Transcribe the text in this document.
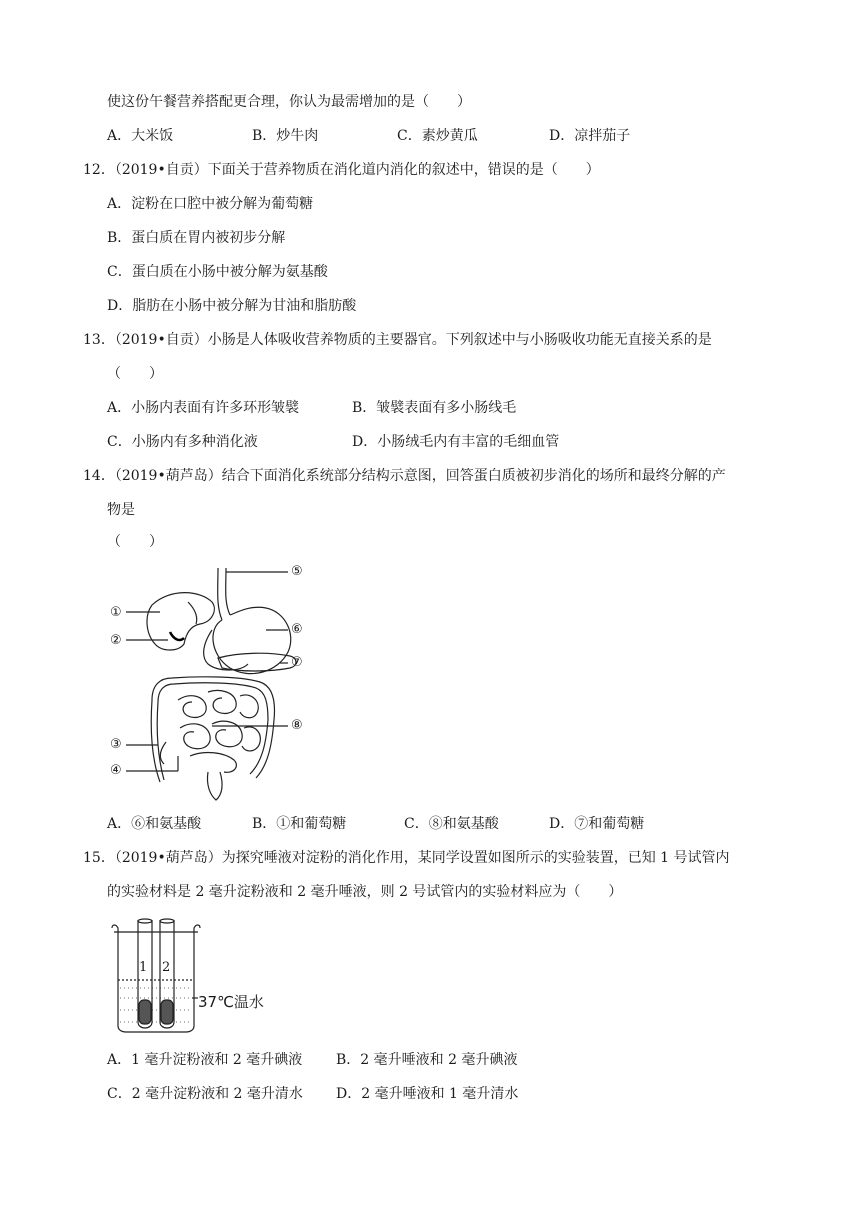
使这份午餐营养搭配更合理，你认为最需增加的是（　　）
A．大米饭	B．炒牛肉	C．素炒黄瓜	D．凉拌茄子
12．（2019•自贡）下面关于营养物质在消化道内消化的叙述中，错误的是（　　）
A．淀粉在口腔中被分解为葡萄糖
B．蛋白质在胃内被初步分解
C．蛋白质在小肠中被分解为氨基酸
D．脂肪在小肠中被分解为甘油和脂肪酸
13．（2019•自贡）小肠是人体吸收营养物质的主要器官。下列叙述中与小肠吸收功能无直接关系的是
（　　）
A．小肠内表面有许多环形皱襞	B．皱襞表面有多小肠线毛
C．小肠内有多种消化液	D．小肠绒毛内有丰富的毛细血管
14．（2019•葫芦岛）结合下面消化系统部分结构示意图，回答蛋白质被初步消化的场所和最终分解的产
物是
（　　）
①
②
③
④
⑤
⑥
⑦
⑧
A．⑥和氨基酸	B．①和葡萄糖	C．⑧和氨基酸	D．⑦和葡萄糖
15．（2019•葫芦岛）为探究唾液对淀粉的消化作用，某同学设置如图所示的实验装置，已知 1 号试管内
的实验材料是 2 毫升淀粉液和 2 毫升唾液，则 2 号试管内的实验材料应为（　　）
1 2
37℃温水
A．1 毫升淀粉液和 2 毫升碘液 B．2 毫升唾液和 2 毫升碘液
C．2 毫升淀粉液和 2 毫升清水 D．2 毫升唾液和 1 毫升清水
